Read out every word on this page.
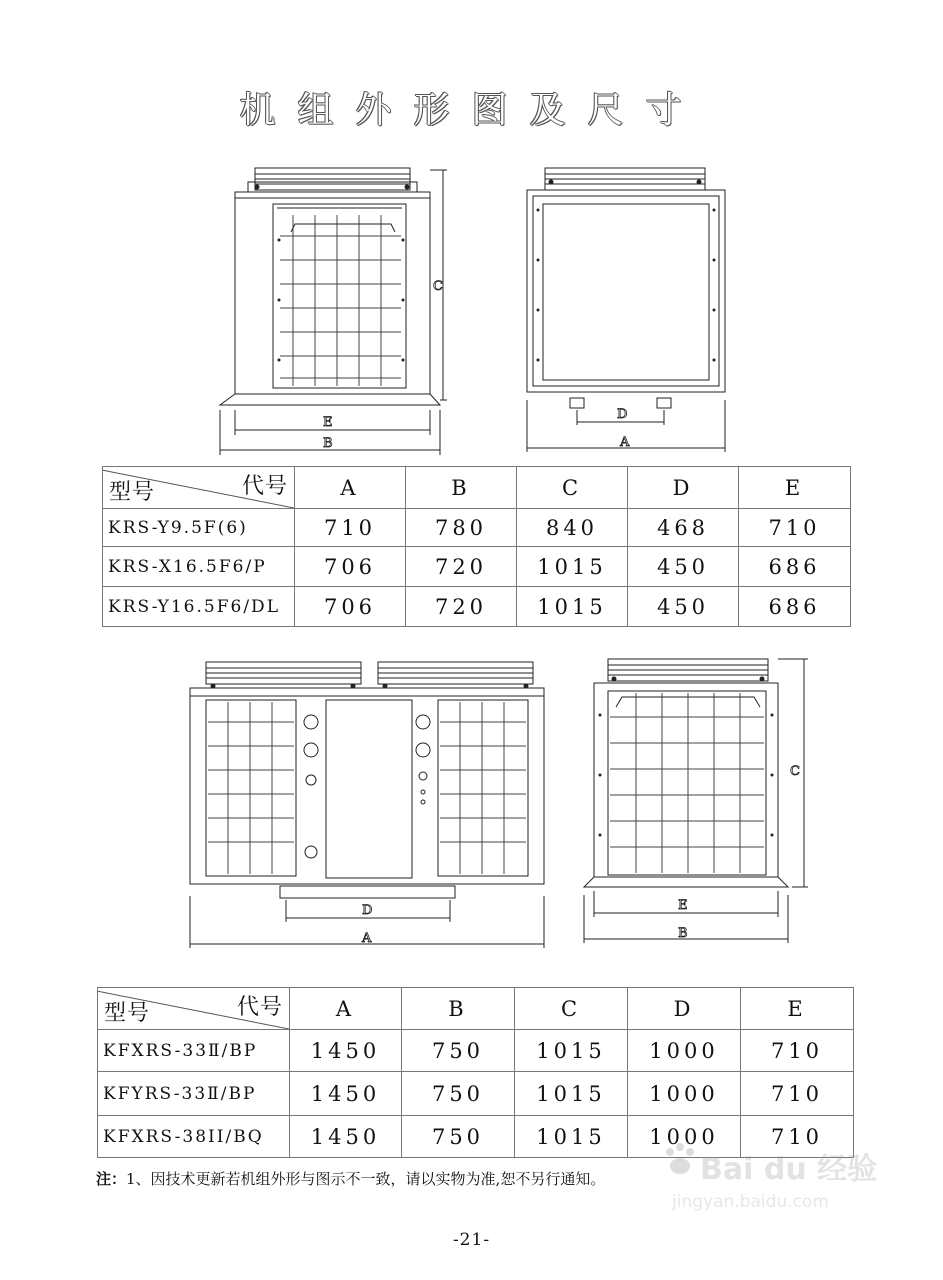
机组外形图及尺寸
C
E
B
D
A
代号
型号	A	B	C	D	E
KRS-Y9.5F(6)	710	780	840	468	710
KRS-X16.5F6/P	706	720	1015	450	686
KRS-Y16.5F6/DL	706	720	1015	450	686
D
A
C
E
B
代号
型号	A	B	C	D	E
KFXRS-33Ⅱ/BP	1450	750	1015	1000	710
KFYRS-33Ⅱ/BP	1450	750	1015	1000	710
KFXRS-38II/BQ	1450	750	1015	1000	710
注：1、因技术更新若机组外形与图示不一致，请以实物为准,恕不另行通知。	Bai du 经验
jingyan.baidu.com
-21-
